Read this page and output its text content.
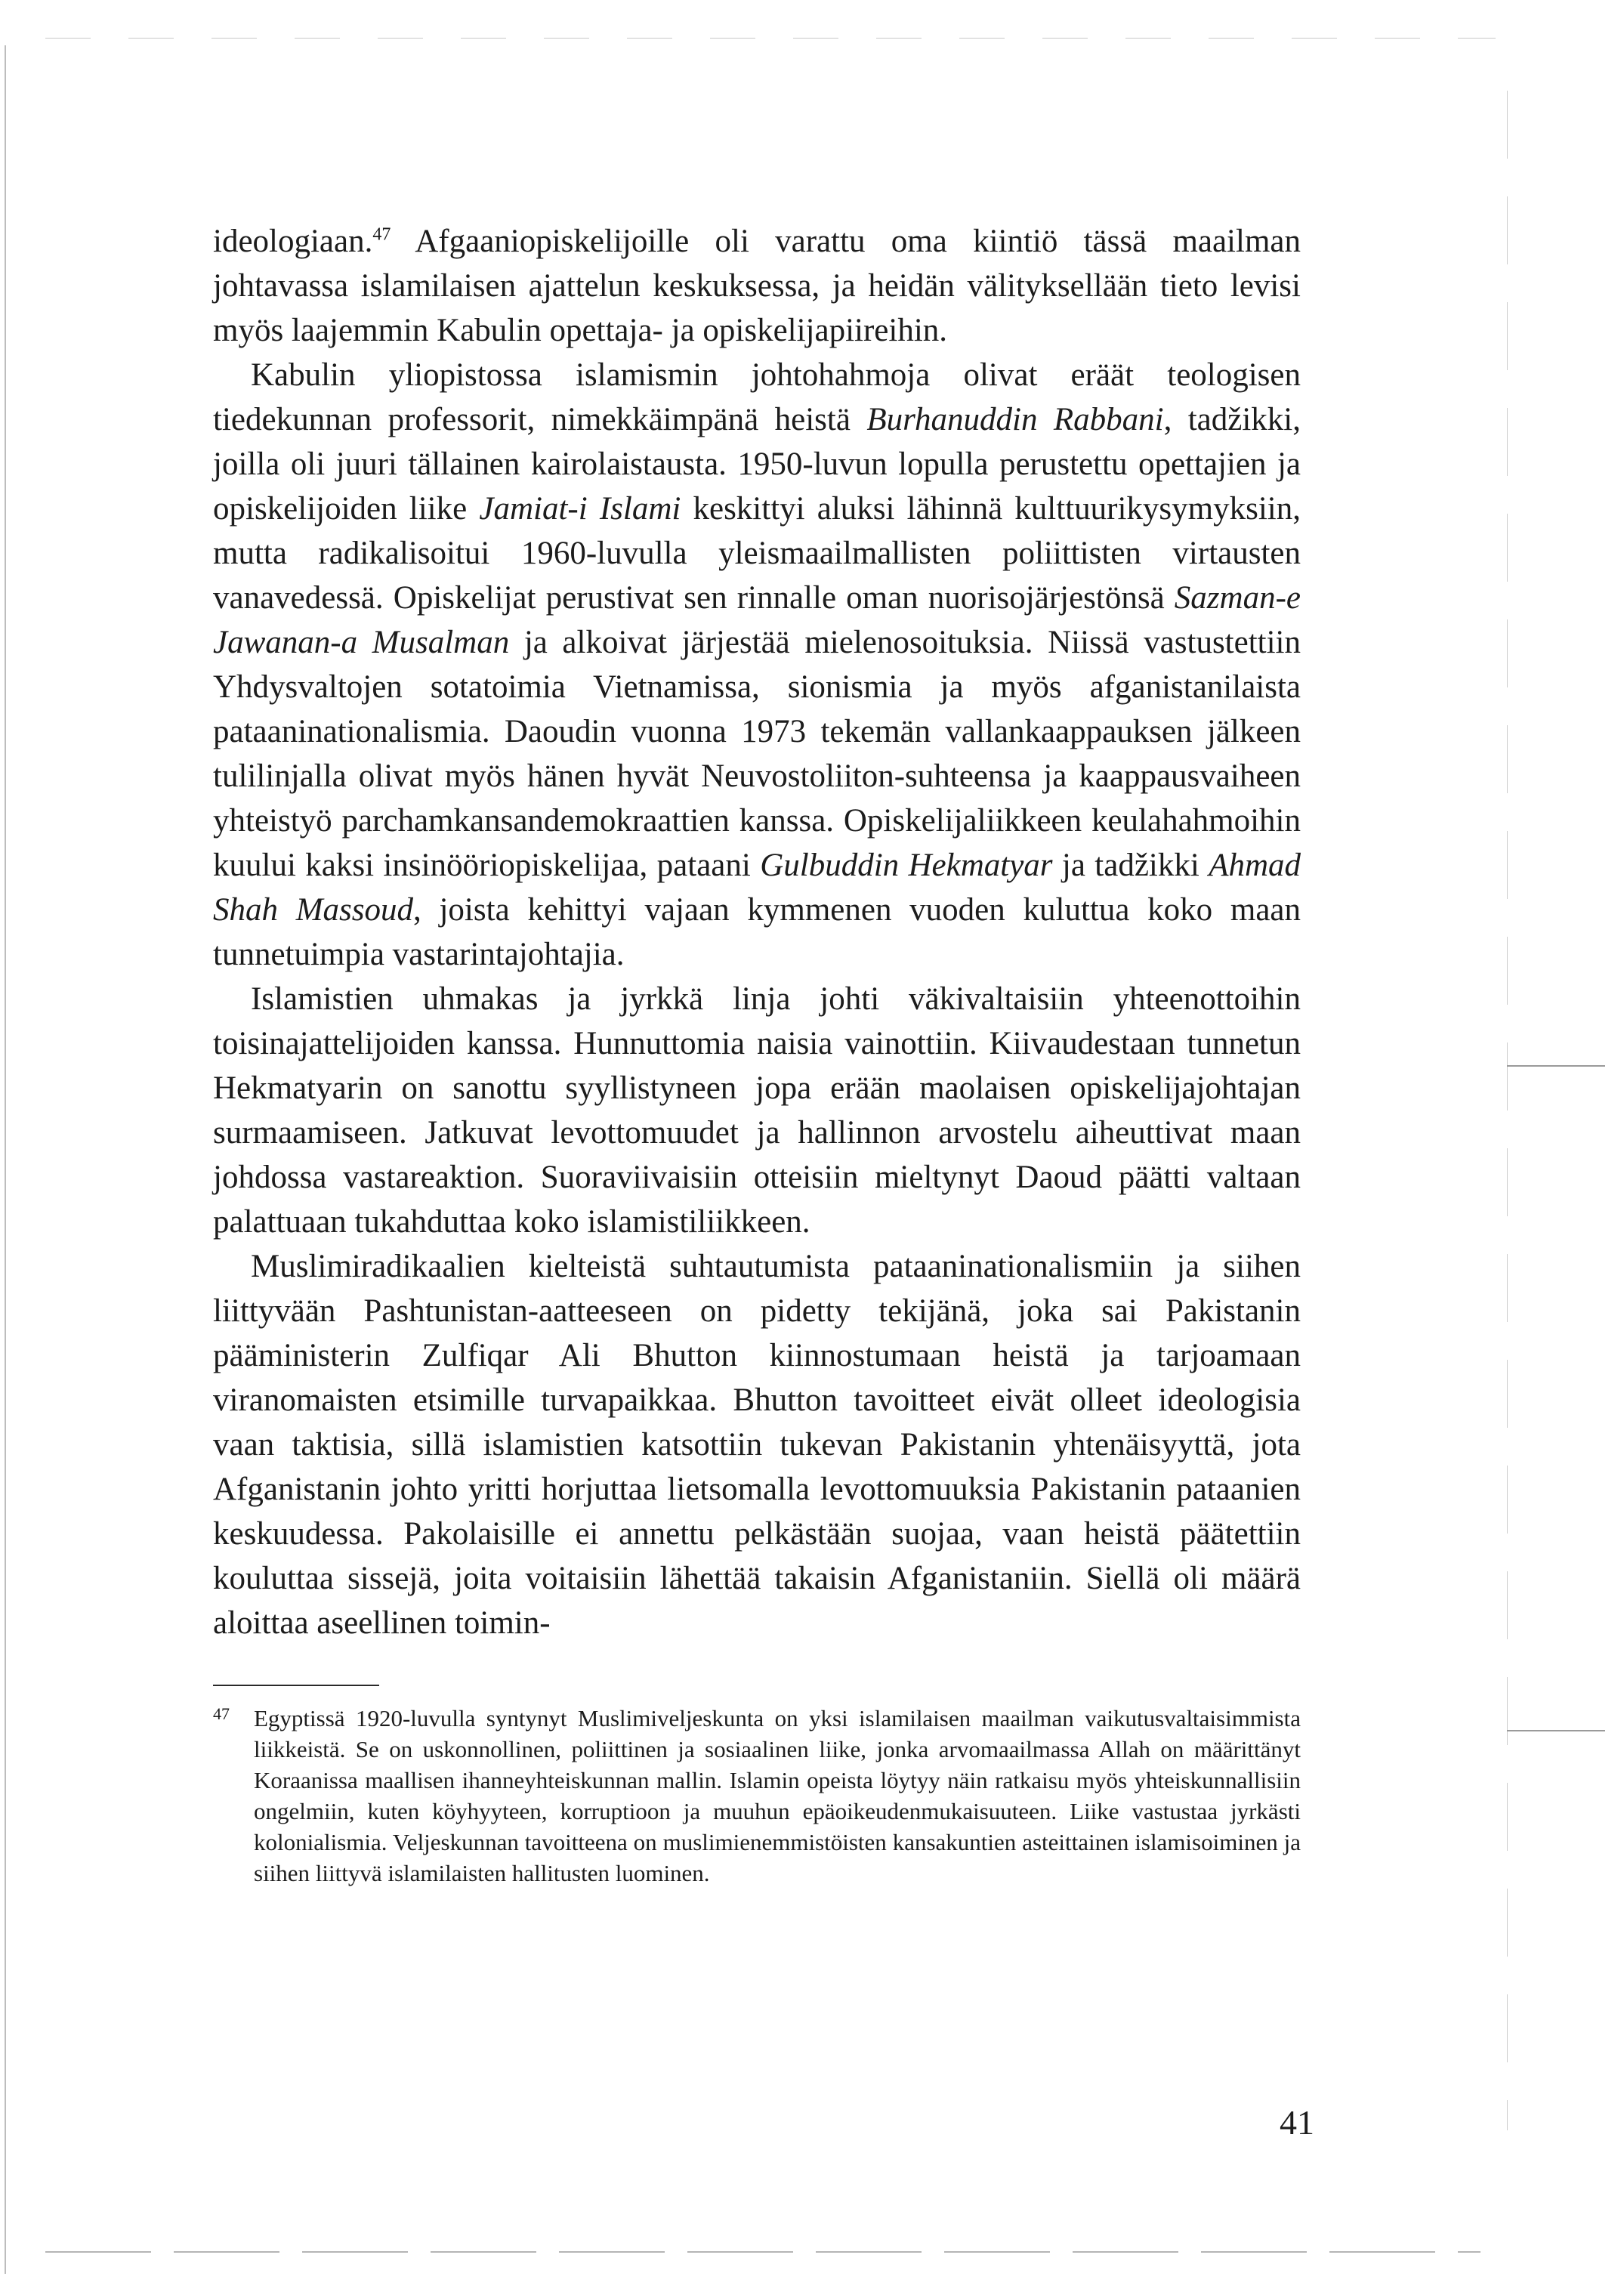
ideologiaan.$^{47}$ Afgaaniopiskelijoille oli varattu oma kiintiö tässä maailman johtavassa islamilaisen ajattelun keskuksessa, ja heidän välityksellään tieto levisi myös laajemmin Kabulin opettaja- ja opiskelijapiireihin.

Kabulin yliopistossa islamismin johtohahmoja olivat eräät teologisen tiedekunnan professorit, nimekkäimpänä heistä Burhanuddin Rabbani, tadžikki, joilla oli juuri tällainen kairolaistausta. 1950-luvun lopulla perustettu opettajien ja opiskelijoiden liike Jamiat-i Islami keskittyi aluksi lähinnä kulttuurikysymyksiin, mutta radikalisoitui 1960-luvulla yleismaailmallisten poliittisten virtausten vanavedessä. Opiskelijat perustivat sen rinnalle oman nuorisojärjestönsä Sazman-e Jawanan-a Musalman ja alkoivat järjestää mielenosoituksia. Niissä vastustettiin Yhdysvaltojen sotatoimia Vietnamissa, sionismia ja myös afganistanilaista pataaninationalismia. Daoudin vuonna 1973 tekemän vallankaappauksen jälkeen tulilinjalla olivat myös hänen hyvät Neuvostoliiton-suhteensa ja kaappausvaiheen yhteistyö parchamkansandemokraattien kanssa. Opiskelijaliikkeen keulahahmoihin kuului kaksi insinööriopiskelijaa, pataani Gulbuddin Hekmatyar ja tadžikki Ahmad Shah Massoud, joista kehittyi vajaan kymmenen vuoden kuluttua koko maan tunnetuimpia vastarintajohtajia.

Islamistien uhmakas ja jyrkkä linja johti väkivaltaisiin yhteenottoihin toisinajattelijoiden kanssa. Hunnuttomia naisia vainottiin. Kiivaudestaan tunnetun Hekmatyarin on sanottu syyllistyneen jopa erään maolaisen opiskelijajohtajan surmaamiseen. Jatkuvat levottomuudet ja hallinnon arvostelu aiheuttivat maan johdossa vastareaktion. Suoraviivaisiin otteisiin mieltynyt Daoud päätti valtaan palattuaan tukahduttaa koko islamistiliikkeen.

Muslimiradikaalien kielteistä suhtautumista pataaninationalismiin ja siihen liittyvään Pashtunistan-aatteeseen on pidetty tekijänä, joka sai Pakistanin pääministerin Zulfiqar Ali Bhutton kiinnostumaan heistä ja tarjoamaan viranomaisten etsimille turvapaikkaa. Bhutton tavoitteet eivät olleet ideologisia vaan taktisia, sillä islamistien katsottiin tukevan Pakistanin yhtenäisyyttä, jota Afganistanin johto yritti horjuttaa lietsomalla levottomuuksia Pakistanin pataanien keskuudessa. Pakolaisille ei annettu pelkästään suojaa, vaan heistä päätettiin kouluttaa sissejä, joita voitaisiin lähettää takaisin Afganistaniin. Siellä oli määrä aloittaa aseellinen toimin-

47	Egyptissä 1920-luvulla syntynyt Muslimiveljeskunta on yksi islamilaisen maailman vaikutusvaltaisimmista liikkeistä. Se on uskonnollinen, poliittinen ja sosiaalinen liike, jonka arvomaailmassa Allah on määrittänyt Koraanissa maallisen ihanneyhteiskunnan mallin. Islamin opeista löytyy näin ratkaisu myös yhteiskunnallisiin ongelmiin, kuten köyhyyteen, korruptioon ja muuhun epäoikeudenmukaisuuteen. Liike vastustaa jyrkästi kolonialismia. Veljeskunnan tavoitteena on muslimienemmistöisten kansakuntien asteittainen islamisoiminen ja siihen liittyvä islamilaisten hallitusten luominen.

41
